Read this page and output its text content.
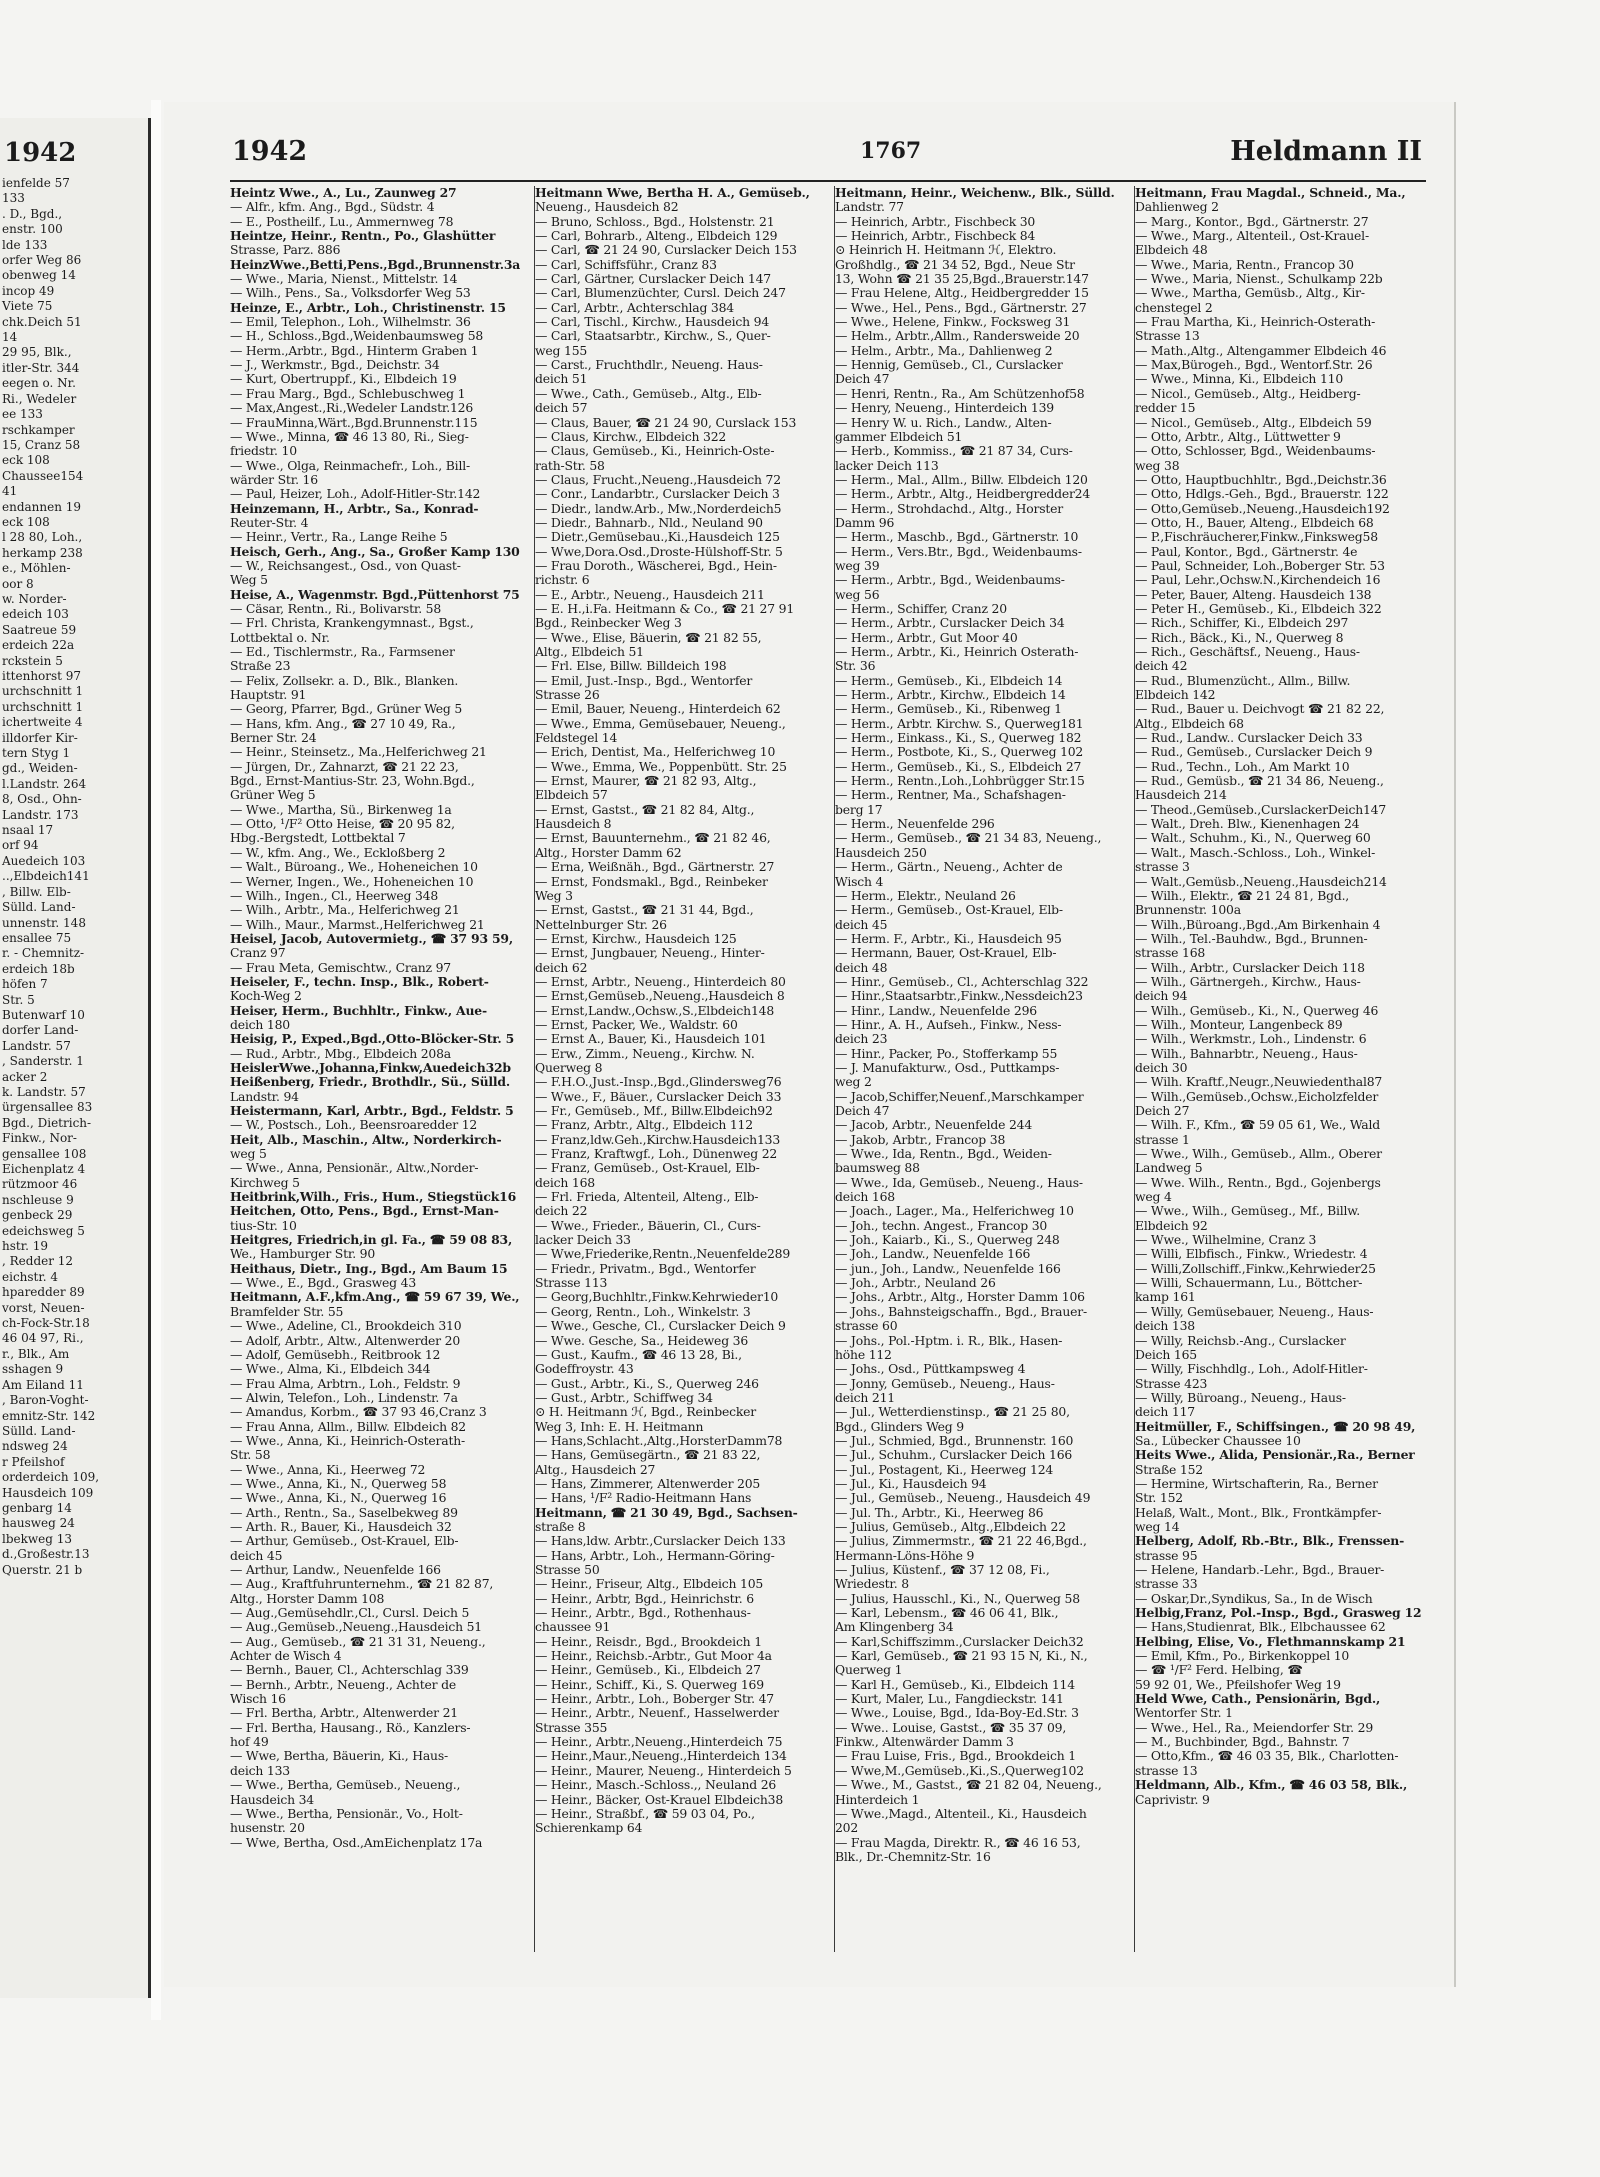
1942
ienfelde 57
133
. D., Bgd.,
enstr. 100
lde 133
orfer Weg 86
obenweg 14
incop 49
Viete 75
chk.Deich 51
14
29 95, Blk.,
itler-Str. 344
eegen o. Nr.
Ri., Wedeler
ee 133
rschkamper
15, Cranz 58
eck 108
Chaussee154
41
endannen 19
eck 108
l 28 80, Loh.,
herkamp 238
e., Möhlen-
oor 8
w. Norder-
edeich 103
Saatreue 59
erdeich 22a
rckstein 5
ittenhorst 97
urchschnitt 1
urchschnitt 1
ichertweite 4
illdorfer Kir-
tern Styg 1
gd., Weiden-
l.Landstr. 264
8, Osd., Ohn-
Landstr. 173
nsaal 17
orf 94
Auedeich 103
..,Elbdeich141
, Billw. Elb-
Sülld. Land-
unnenstr. 148
ensallee 75
r. - Chemnitz-
erdeich 18b
höfen 7
Str. 5
Butenwarf 10
dorfer Land-
Landstr. 57
, Sanderstr. 1
acker 2
k. Landstr. 57
ürgensallee 83
Bgd., Dietrich-
Finkw., Nor-
gensallee 108
Eichenplatz 4
rützmoor 46
nschleuse 9
genbeck 29
edeichsweg 5
hstr. 19
, Redder 12
eichstr. 4
hparedder 89
vorst, Neuen-
ch-Fock-Str.18
46 04 97, Ri.,
r., Blk., Am
sshagen 9
Am Eiland 11
, Baron-Voght-
emnitz-Str. 142
Sülld. Land-
ndsweg 24
r Pfeilshof
orderdeich 109,
Hausdeich 109
genbarg 14
hausweg 24
lbekweg 13
d.,Großestr.13
Querstr. 21 b
1942	1767	Heldmann II
Heintz Wwe., A., Lu., Zaunweg 27
— Alfr., kfm. Ang., Bgd., Südstr. 4
— E., Postheilf., Lu., Ammernweg 78
Heintze, Heinr., Rentn., Po., Glashütter
Strasse, Parz. 886
HeinzWwe.,Betti,Pens.,Bgd.,Brunnenstr.3a
— Wwe., Maria, Nienst., Mittelstr. 14
— Wilh., Pens., Sa., Volksdorfer Weg 53
Heinze, E., Arbtr., Loh., Christinenstr. 15
— Emil, Telephon., Loh., Wilhelmstr. 36
— H., Schloss.,Bgd.,Weidenbaumsweg 58
— Herm.,Arbtr., Bgd., Hinterm Graben 1
— J., Werkmstr., Bgd., Deichstr. 34
— Kurt, Obertruppf., Ki., Elbdeich 19
— Frau Marg., Bgd., Schlebuschweg 1
— Max,Angest.,Ri.,Wedeler Landstr.126
— FrauMinna,Wärt.,Bgd.Brunnenstr.115
— Wwe., Minna, ☎ 46 13 80, Ri., Sieg-
friedstr. 10
— Wwe., Olga, Reinmachefr., Loh., Bill-
wärder Str. 16
— Paul, Heizer, Loh., Adolf-Hitler-Str.142
Heinzemann, H., Arbtr., Sa., Konrad-
Reuter-Str. 4
— Heinr., Vertr., Ra., Lange Reihe 5
Heisch, Gerh., Ang., Sa., Großer Kamp 130
— W., Reichsangest., Osd., von Quast-
Weg 5
Heise, A., Wagenmstr. Bgd.,Püttenhorst 75
— Cäsar, Rentn., Ri., Bolivarstr. 58
— Frl. Christa, Krankengymnast., Bgst.,
Lottbektal o. Nr.
— Ed., Tischlermstr., Ra., Farmsener
Straße 23
— Felix, Zollsekr. a. D., Blk., Blanken.
Hauptstr. 91
— Georg, Pfarrer, Bgd., Grüner Weg 5
— Hans, kfm. Ang., ☎ 27 10 49, Ra.,
Berner Str. 24
— Heinr., Steinsetz., Ma.,Helferichweg 21
— Jürgen, Dr., Zahnarzt, ☎ 21 22 23,
Bgd., Ernst-Mantius-Str. 23, Wohn.Bgd.,
Grüner Weg 5
— Wwe., Martha, Sü., Birkenweg 1a
— Otto, ¹/F² Otto Heise, ☎ 20 95 82,
Hbg.-Bergstedt, Lottbektal 7
— W., kfm. Ang., We., Eckloßberg 2
— Walt., Büroang., We., Hoheneichen 10
— Werner, Ingen., We., Hoheneichen 10
— Wilh., Ingen., Cl., Heerweg 348
— Wilh., Arbtr., Ma., Helferichweg 21
— Wilh., Maur., Marmst.,Helferichweg 21
Heisel, Jacob, Autovermietg., ☎ 37 93 59,
Cranz 97
— Frau Meta, Gemischtw., Cranz 97
Heiseler, F., techn. Insp., Blk., Robert-
Koch-Weg 2
Heiser, Herm., Buchhltr., Finkw., Aue-
deich 180
Heisig, P., Exped.,Bgd.,Otto-Blöcker-Str. 5
— Rud., Arbtr., Mbg., Elbdeich 208a
HeislerWwe.,Johanna,Finkw,Auedeich32b
Heißenberg, Friedr., Brothdlr., Sü., Sülld.
Landstr. 94
Heistermann, Karl, Arbtr., Bgd., Feldstr. 5
— W., Postsch., Loh., Beensroaredder 12
Heit, Alb., Maschin., Altw., Norderkirch-
weg 5
— Wwe., Anna, Pensionär., Altw.,Norder-
Kirchweg 5
Heitbrink,Wilh., Fris., Hum., Stiegstück16
Heitchen, Otto, Pens., Bgd., Ernst-Man-
tius-Str. 10
Heitgres, Friedrich,in gl. Fa., ☎ 59 08 83,
We., Hamburger Str. 90
Heithaus, Dietr., Ing., Bgd., Am Baum 15
— Wwe., E., Bgd., Grasweg 43
Heitmann, A.F.,kfm.Ang., ☎ 59 67 39, We.,
Bramfelder Str. 55
— Wwe., Adeline, Cl., Brookdeich 310
— Adolf, Arbtr., Altw., Altenwerder 20
— Adolf, Gemüsebh., Reitbrook 12
— Wwe., Alma, Ki., Elbdeich 344
— Frau Alma, Arbtrn., Loh., Feldstr. 9
— Alwin, Telefon., Loh., Lindenstr. 7a
— Amandus, Korbm., ☎ 37 93 46,Cranz 3
— Frau Anna, Allm., Billw. Elbdeich 82
— Wwe., Anna, Ki., Heinrich-Osterath-
Str. 58
— Wwe., Anna, Ki., Heerweg 72
— Wwe., Anna, Ki., N., Querweg 58
— Wwe., Anna, Ki., N., Querweg 16
— Arth., Rentn., Sa., Saselbekweg 89
— Arth. R., Bauer, Ki., Hausdeich 32
— Arthur, Gemüseb., Ost-Krauel, Elb-
deich 45
— Arthur, Landw., Neuenfelde 166
— Aug., Kraftfuhrunternehm., ☎ 21 82 87,
Altg., Horster Damm 108
— Aug.,Gemüsehdlr.,Cl., Cursl. Deich 5
— Aug.,Gemüseb.,Neueng.,Hausdeich 51
— Aug., Gemüseb., ☎ 21 31 31, Neueng.,
Achter de Wisch 4
— Bernh., Bauer, Cl., Achterschlag 339
— Bernh., Arbtr., Neueng., Achter de
Wisch 16
— Frl. Bertha, Arbtr., Altenwerder 21
— Frl. Bertha, Hausang., Rö., Kanzlers-
hof 49
— Wwe, Bertha, Bäuerin, Ki., Haus-
deich 133
— Wwe., Bertha, Gemüseb., Neueng.,
Hausdeich 34
— Wwe., Bertha, Pensionär., Vo., Holt-
husenstr. 20
— Wwe, Bertha, Osd.,AmEichenplatz 17a
Heitmann Wwe, Bertha H. A., Gemüseb.,
Neueng., Hausdeich 82
— Bruno, Schloss., Bgd., Holstenstr. 21
— Carl, Bohrarb., Alteng., Elbdeich 129
— Carl, ☎ 21 24 90, Curslacker Deich 153
— Carl, Schiffsführ., Cranz 83
— Carl, Gärtner, Curslacker Deich 147
— Carl, Blumenzüchter, Cursl. Deich 247
— Carl, Arbtr., Achterschlag 384
— Carl, Tischl., Kirchw., Hausdeich 94
— Carl, Staatsarbtr., Kirchw., S., Quer-
weg 155
— Carst., Fruchthdlr., Neueng. Haus-
deich 51
— Wwe., Cath., Gemüseb., Altg., Elb-
deich 57
— Claus, Bauer, ☎ 21 24 90, Curslack 153
— Claus, Kirchw., Elbdeich 322
— Claus, Gemüseb., Ki., Heinrich-Oste-
rath-Str. 58
— Claus, Frucht.,Neueng.,Hausdeich 72
— Conr., Landarbtr., Curslacker Deich 3
— Diedr., landw.Arb., Mw.,Norderdeich5
— Diedr., Bahnarb., Nld., Neuland 90
— Dietr.,Gemüsebau.,Ki.,Hausdeich 125
— Wwe,Dora.Osd.,Droste-Hülshoff-Str. 5
— Frau Doroth., Wäscherei, Bgd., Hein-
richstr. 6
— E., Arbtr., Neueng., Hausdeich 211
— E. H.,i.Fa. Heitmann & Co., ☎ 21 27 91
Bgd., Reinbecker Weg 3
— Wwe., Elise, Bäuerin, ☎ 21 82 55,
Altg., Elbdeich 51
— Frl. Else, Billw. Billdeich 198
— Emil, Just.-Insp., Bgd., Wentorfer
Strasse 26
— Emil, Bauer, Neueng., Hinterdeich 62
— Wwe., Emma, Gemüsebauer, Neueng.,
Feldstegel 14
— Erich, Dentist, Ma., Helferichweg 10
— Wwe., Emma, We., Poppenbütt. Str. 25
— Ernst, Maurer, ☎ 21 82 93, Altg.,
Elbdeich 57
— Ernst, Gastst., ☎ 21 82 84, Altg.,
Hausdeich 8
— Ernst, Bauunternehm., ☎ 21 82 46,
Altg., Horster Damm 62
— Erna, Weißnäh., Bgd., Gärtnerstr. 27
— Ernst, Fondsmakl., Bgd., Reinbeker
Weg 3
— Ernst, Gastst., ☎ 21 31 44, Bgd.,
Nettelnburger Str. 26
— Ernst, Kirchw., Hausdeich 125
— Ernst, Jungbauer, Neueng., Hinter-
deich 62
— Ernst, Arbtr., Neueng., Hinterdeich 80
— Ernst,Gemüseb.,Neueng.,Hausdeich 8
— Ernst,Landw.,Ochsw.,S.,Elbdeich148
— Ernst, Packer, We., Waldstr. 60
— Ernst A., Bauer, Ki., Hausdeich 101
— Erw., Zimm., Neueng., Kirchw. N.
Querweg 8
— F.H.O.,Just.-Insp.,Bgd.,Glindersweg76
— Wwe., F., Bäuer., Curslacker Deich 33
— Fr., Gemüseb., Mf., Billw.Elbdeich92
— Franz, Arbtr., Altg., Elbdeich 112
— Franz,ldw.Geh.,Kirchw.Hausdeich133
— Franz, Kraftwgf., Loh., Dünenweg 22
— Franz, Gemüseb., Ost-Krauel, Elb-
deich 168
— Frl. Frieda, Altenteil, Alteng., Elb-
deich 22
— Wwe., Frieder., Bäuerin, Cl., Curs-
lacker Deich 33
— Wwe,Friederike,Rentn.,Neuenfelde289
— Friedr., Privatm., Bgd., Wentorfer
Strasse 113
— Georg,Buchhltr.,Finkw.Kehrwieder10
— Georg, Rentn., Loh., Winkelstr. 3
— Wwe., Gesche, Cl., Curslacker Deich 9
— Wwe. Gesche, Sa., Heideweg 36
— Gust., Kaufm., ☎ 46 13 28, Bi.,
Godeffroystr. 43
— Gust., Arbtr., Ki., S., Querweg 246
— Gust., Arbtr., Schiffweg 34
⊙ H. Heitmann ℋ, Bgd., Reinbecker
Weg 3, Inh: E. H. Heitmann
— Hans,Schlacht.,Altg.,HorsterDamm78
— Hans, Gemüsegärtn., ☎ 21 83 22,
Altg., Hausdeich 27
— Hans, Zimmerer, Altenwerder 205
— Hans, ¹/F² Radio-Heitmann Hans
Heitmann, ☎ 21 30 49, Bgd., Sachsen-
straße 8
— Hans,ldw. Arbtr.,Curslacker Deich 133
— Hans, Arbtr., Loh., Hermann-Göring-
Strasse 50
— Heinr., Friseur, Altg., Elbdeich 105
— Heinr., Arbtr, Bgd., Heinrichstr. 6
— Heinr., Arbtr., Bgd., Rothenhaus-
chaussee 91
— Heinr., Reisdr., Bgd., Brookdeich 1
— Heinr., Reichsb.-Arbtr., Gut Moor 4a
— Heinr., Gemüseb., Ki., Elbdeich 27
— Heinr., Schiff., Ki., S. Querweg 169
— Heinr., Arbtr., Loh., Boberger Str. 47
— Heinr., Arbtr., Neuenf., Hasselwerder
Strasse 355
— Heinr., Arbtr.,Neueng.,Hinterdeich 75
— Heinr.,Maur.,Neueng.,Hinterdeich 134
— Heinr., Maurer, Neueng., Hinterdeich 5
— Heinr., Masch.-Schloss.,, Neuland 26
— Heinr., Bäcker, Ost-Krauel Elbdeich38
— Heinr., Straßbf., ☎ 59 03 04, Po.,
Schierenkamp 64
Heitmann, Heinr., Weichenw., Blk., Sülld.
Landstr. 77
— Heinrich, Arbtr., Fischbeck 30
— Heinrich, Arbtr., Fischbeck 84
⊙ Heinrich H. Heitmann ℋ, Elektro.
Großhdlg., ☎ 21 34 52, Bgd., Neue Str
13, Wohn ☎ 21 35 25,Bgd.,Brauerstr.147
— Frau Helene, Altg., Heidbergredder 15
— Wwe., Hel., Pens., Bgd., Gärtnerstr. 27
— Wwe., Helene, Finkw., Focksweg 31
— Helm., Arbtr.,Allm., Randersweide 20
— Helm., Arbtr., Ma., Dahlienweg 2
— Hennig, Gemüseb., Cl., Curslacker
Deich 47
— Henri, Rentn., Ra., Am Schützenhof58
— Henry, Neueng., Hinterdeich 139
— Henry W. u. Rich., Landw., Alten-
gammer Elbdeich 51
— Herb., Kommiss., ☎ 21 87 34, Curs-
lacker Deich 113
— Herm., Mal., Allm., Billw. Elbdeich 120
— Herm., Arbtr., Altg., Heidbergredder24
— Herm., Strohdachd., Altg., Horster
Damm 96
— Herm., Maschb., Bgd., Gärtnerstr. 10
— Herm., Vers.Btr., Bgd., Weidenbaums-
weg 39
— Herm., Arbtr., Bgd., Weidenbaums-
weg 56
— Herm., Schiffer, Cranz 20
— Herm., Arbtr., Curslacker Deich 34
— Herm., Arbtr., Gut Moor 40
— Herm., Arbtr., Ki., Heinrich Osterath-
Str. 36
— Herm., Gemüseb., Ki., Elbdeich 14
— Herm., Arbtr., Kirchw., Elbdeich 14
— Herm., Gemüseb., Ki., Ribenweg 1
— Herm., Arbtr. Kirchw. S., Querweg181
— Herm., Einkass., Ki., S., Querweg 182
— Herm., Postbote, Ki., S., Querweg 102
— Herm., Gemüseb., Ki., S., Elbdeich 27
— Herm., Rentn.,Loh.,Lohbrügger Str.15
— Herm., Rentner, Ma., Schafshagen-
berg 17
— Herm., Neuenfelde 296
— Herm., Gemüseb., ☎ 21 34 83, Neueng.,
Hausdeich 250
— Herm., Gärtn., Neueng., Achter de
Wisch 4
— Herm., Elektr., Neuland 26
— Herm., Gemüseb., Ost-Krauel, Elb-
deich 45
— Herm. F., Arbtr., Ki., Hausdeich 95
— Hermann, Bauer, Ost-Krauel, Elb-
deich 48
— Hinr., Gemüseb., Cl., Achterschlag 322
— Hinr.,Staatsarbtr.,Finkw.,Nessdeich23
— Hinr., Landw., Neuenfelde 296
— Hinr., A. H., Aufseh., Finkw., Ness-
deich 23
— Hinr., Packer, Po., Stofferkamp 55
— J. Manufakturw., Osd., Puttkamps-
weg 2
— Jacob,Schiffer,Neuenf.,Marschkamper
Deich 47
— Jacob, Arbtr., Neuenfelde 244
— Jakob, Arbtr., Francop 38
— Wwe., Ida, Rentn., Bgd., Weiden-
baumsweg 88
— Wwe., Ida, Gemüseb., Neueng., Haus-
deich 168
— Joach., Lager., Ma., Helferichweg 10
— Joh., techn. Angest., Francop 30
— Joh., Kaiarb., Ki., S., Querweg 248
— Joh., Landw., Neuenfelde 166
— jun., Joh., Landw., Neuenfelde 166
— Joh., Arbtr., Neuland 26
— Johs., Arbtr., Altg., Horster Damm 106
— Johs., Bahnsteigschaffn., Bgd., Brauer-
strasse 60
— Johs., Pol.-Hptm. i. R., Blk., Hasen-
höhe 112
— Johs., Osd., Püttkampsweg 4
— Jonny, Gemüseb., Neueng., Haus-
deich 211
— Jul., Wetterdienstinsp., ☎ 21 25 80,
Bgd., Glinders Weg 9
— Jul., Schmied, Bgd., Brunnenstr. 160
— Jul., Schuhm., Curslacker Deich 166
— Jul., Postagent, Ki., Heerweg 124
— Jul., Ki., Hausdeich 94
— Jul., Gemüseb., Neueng., Hausdeich 49
— Jul. Th., Arbtr., Ki., Heerweg 86
— Julius, Gemüseb., Altg.,Elbdeich 22
— Julius, Zimmermstr., ☎ 21 22 46,Bgd.,
Hermann-Löns-Höhe 9
— Julius, Küstenf., ☎ 37 12 08, Fi.,
Wriedestr. 8
— Julius, Hausschl., Ki., N., Querweg 58
— Karl, Lebensm., ☎ 46 06 41, Blk.,
Am Klingenberg 34
— Karl,Schiffszimm.,Curslacker Deich32
— Karl, Gemüseb., ☎ 21 93 15 N, Ki., N.,
Querweg 1
— Karl H., Gemüseb., Ki., Elbdeich 114
— Kurt, Maler, Lu., Fangdieckstr. 141
— Wwe., Louise, Bgd., Ida-Boy-Ed.Str. 3
— Wwe.. Louise, Gastst., ☎ 35 37 09,
Finkw., Altenwärder Damm 3
— Frau Luise, Fris., Bgd., Brookdeich 1
— Wwe,M.,Gemüseb.,Ki.,S.,Querweg102
— Wwe., M., Gastst., ☎ 21 82 04, Neueng.,
Hinterdeich 1
— Wwe.,Magd., Altenteil., Ki., Hausdeich
202
— Frau Magda, Direktr. R., ☎ 46 16 53,
Blk., Dr.-Chemnitz-Str. 16
Heitmann, Frau Magdal., Schneid., Ma.,
Dahlienweg 2
— Marg., Kontor., Bgd., Gärtnerstr. 27
— Wwe., Marg., Altenteil., Ost-Krauel-
Elbdeich 48
— Wwe., Maria, Rentn., Francop 30
— Wwe., Maria, Nienst., Schulkamp 22b
— Wwe., Martha, Gemüsb., Altg., Kir-
chenstegel 2
— Frau Martha, Ki., Heinrich-Osterath-
Strasse 13
— Math.,Altg., Altengammer Elbdeich 46
— Max,Bürogeh., Bgd., Wentorf.Str. 26
— Wwe., Minna, Ki., Elbdeich 110
— Nicol., Gemüseb., Altg., Heidberg-
redder 15
— Nicol., Gemüseb., Altg., Elbdeich 59
— Otto, Arbtr., Altg., Lüttwetter 9
— Otto, Schlosser, Bgd., Weidenbaums-
weg 38
— Otto, Hauptbuchhltr., Bgd.,Deichstr.36
— Otto, Hdlgs.-Geh., Bgd., Brauerstr. 122
— Otto,Gemüseb.,Neueng.,Hausdeich192
— Otto, H., Bauer, Alteng., Elbdeich 68
— P.,Fischräucherer,Finkw.,Finksweg58
— Paul, Kontor., Bgd., Gärtnerstr. 4e
— Paul, Schneider, Loh.,Boberger Str. 53
— Paul, Lehr.,Ochsw.N.,Kirchendeich 16
— Peter, Bauer, Alteng. Hausdeich 138
— Peter H., Gemüseb., Ki., Elbdeich 322
— Rich., Schiffer, Ki., Elbdeich 297
— Rich., Bäck., Ki., N., Querweg 8
— Rich., Geschäftsf., Neueng., Haus-
deich 42
— Rud., Blumenzücht., Allm., Billw.
Elbdeich 142
— Rud., Bauer u. Deichvogt ☎ 21 82 22,
Altg., Elbdeich 68
— Rud., Landw.. Curslacker Deich 33
— Rud., Gemüseb., Curslacker Deich 9
— Rud., Techn., Loh., Am Markt 10
— Rud., Gemüsb., ☎ 21 34 86, Neueng.,
Hausdeich 214
— Theod.,Gemüseb.,CurslackerDeich147
— Walt., Dreh. Blw., Kienenhagen 24
— Walt., Schuhm., Ki., N., Querweg 60
— Walt., Masch.-Schloss., Loh., Winkel-
strasse 3
— Walt.,Gemüsb.,Neueng.,Hausdeich214
— Wilh., Elektr., ☎ 21 24 81, Bgd.,
Brunnenstr. 100a
— Wilh.,Büroang.,Bgd.,Am Birkenhain 4
— Wilh., Tel.-Bauhdw., Bgd., Brunnen-
strasse 168
— Wilh., Arbtr., Curslacker Deich 118
— Wilh., Gärtnergeh., Kirchw., Haus-
deich 94
— Wilh., Gemüseb., Ki., N., Querweg 46
— Wilh., Monteur, Langenbeck 89
— Wilh., Werkmstr., Loh., Lindenstr. 6
— Wilh., Bahnarbtr., Neueng., Haus-
deich 30
— Wilh. Kraftf.,Neugr.,Neuwiedenthal87
— Wilh.,Gemüseb.,Ochsw.,Eicholzfelder
Deich 27
— Wilh. F., Kfm., ☎ 59 05 61, We., Wald
strasse 1
— Wwe., Wilh., Gemüseb., Allm., Oberer
Landweg 5
— Wwe. Wilh., Rentn., Bgd., Gojenbergs
weg 4
— Wwe., Wilh., Gemüseg., Mf., Billw.
Elbdeich 92
— Wwe., Wilhelmine, Cranz 3
— Willi, Elbfisch., Finkw., Wriedestr. 4
— Willi,Zollschiff.,Finkw.,Kehrwieder25
— Willi, Schauermann, Lu., Böttcher-
kamp 161
— Willy, Gemüsebauer, Neueng., Haus-
deich 138
— Willy, Reichsb.-Ang., Curslacker
Deich 165
— Willy, Fischhdlg., Loh., Adolf-Hitler-
Strasse 423
— Willy, Büroang., Neueng., Haus-
deich 117
Heitmüller, F., Schiffsingen., ☎ 20 98 49,
Sa., Lübecker Chaussee 10
Heits Wwe., Alida, Pensionär.,Ra., Berner
Straße 152
— Hermine, Wirtschafterin, Ra., Berner
Str. 152
Helaß, Walt., Mont., Blk., Frontkämpfer-
weg 14
Helberg, Adolf, Rb.-Btr., Blk., Frenssen-
strasse 95
— Helene, Handarb.-Lehr., Bgd., Brauer-
strasse 33
— Oskar,Dr.,Syndikus, Sa., In de Wisch
Helbig,Franz, Pol.-Insp., Bgd., Grasweg 12
— Hans,Studienrat, Blk., Elbchaussee 62
Helbing, Elise, Vo., Flethmannskamp 21
— Emil, Kfm., Po., Birkenkoppel 10
— ☎ ¹/F² Ferd. Helbing, ☎
59 92 01, We., Pfeilshofer Weg 19
Held Wwe, Cath., Pensionärin, Bgd.,
Wentorfer Str. 1
— Wwe., Hel., Ra., Meiendorfer Str. 29
— M., Buchbinder, Bgd., Bahnstr. 7
— Otto,Kfm., ☎ 46 03 35, Blk., Charlotten-
strasse 13
Heldmann, Alb., Kfm., ☎ 46 03 58, Blk.,
Caprivistr. 9
